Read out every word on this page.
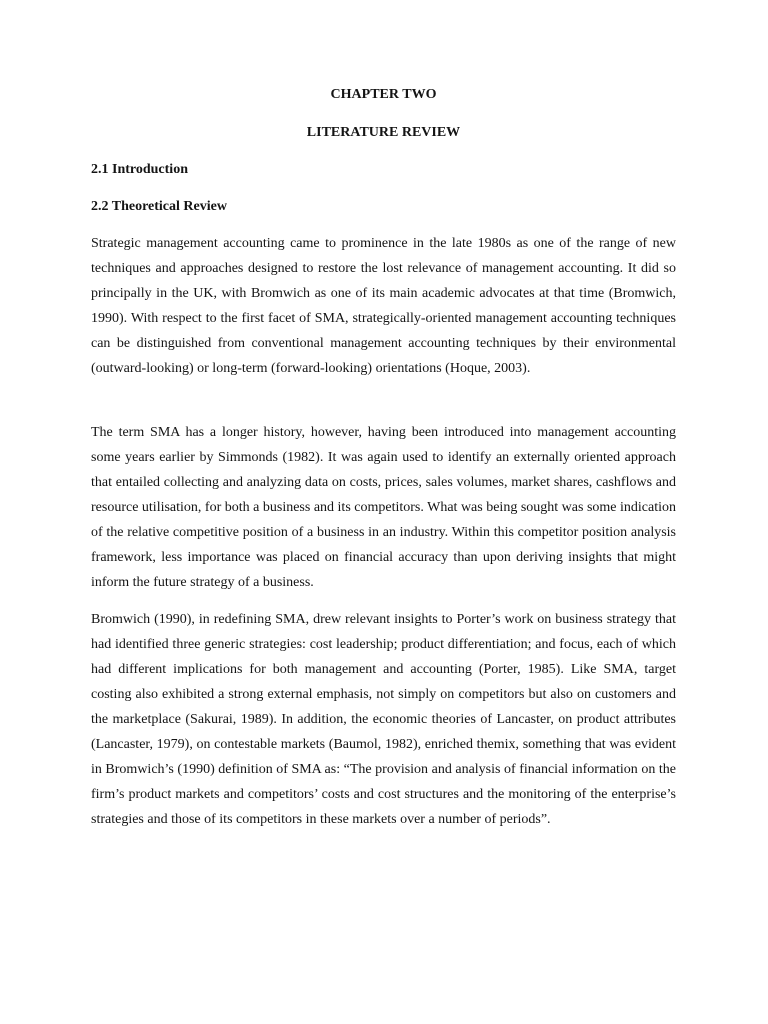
CHAPTER TWO
LITERATURE REVIEW
2.1 Introduction
2.2 Theoretical Review
Strategic management accounting came to prominence in the late 1980s as one of the range of new techniques and approaches designed to restore the lost relevance of management accounting. It did so principally in the UK, with Bromwich as one of its main academic advocates at that time (Bromwich, 1990). With respect to the first facet of SMA, strategically-oriented management accounting techniques can be distinguished from conventional management accounting techniques by their environmental (outward-looking) or long-term (forward-looking) orientations (Hoque, 2003).
The term SMA has a longer history, however, having been introduced into management accounting some years earlier by Simmonds (1982). It was again used to identify an externally oriented approach that entailed collecting and analyzing data on costs, prices, sales volumes, market shares, cashflows and resource utilisation, for both a business and its competitors. What was being sought was some indication of the relative competitive position of a business in an industry. Within this competitor position analysis framework, less importance was placed on financial accuracy than upon deriving insights that might inform the future strategy of a business.
Bromwich (1990), in redefining SMA, drew relevant insights to Porter’s work on business strategy that had identified three generic strategies: cost leadership; product differentiation; and focus, each of which had different implications for both management and accounting (Porter, 1985). Like SMA, target costing also exhibited a strong external emphasis, not simply on competitors but also on customers and the marketplace (Sakurai, 1989). In addition, the economic theories of Lancaster, on product attributes (Lancaster, 1979), on contestable markets (Baumol, 1982), enriched themix, something that was evident in Bromwich’s (1990) definition of SMA as: “The provision and analysis of financial information on the firm’s product markets and competitors’ costs and cost structures and the monitoring of the enterprise’s strategies and those of its competitors in these markets over a number of periods”.
